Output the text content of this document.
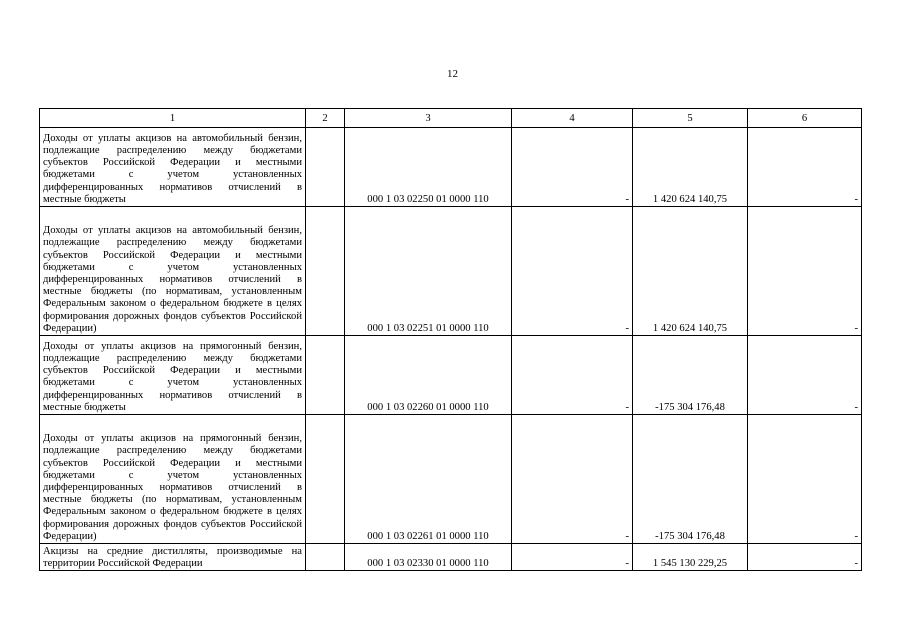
12
1	2	3	4	5	6
Доходы от уплаты акцизов на автомобильный бензин, подлежащие распределению между бюджетами субъектов Российской Федерации и местными бюджетами с учетом установленных дифференцированных нормативов отчислений в местные бюджеты		000 1 03 02250 01 0000 110	-	1 420 624 140,75	-
Доходы от уплаты акцизов на автомобильный бензин, подлежащие распределению между бюджетами субъектов Российской Федерации и местными бюджетами с учетом установленных дифференцированных нормативов отчислений в местные бюджеты (по нормативам, установленным Федеральным законом о федеральном бюджете в целях формирования дорожных фондов субъектов Российской Федерации)		000 1 03 02251 01 0000 110	-	1 420 624 140,75	-
Доходы от уплаты акцизов на прямогонный бензин, подлежащие распределению между бюджетами субъектов Российской Федерации и местными бюджетами с учетом установленных дифференцированных нормативов отчислений в местные бюджеты		000 1 03 02260 01 0000 110	-	-175 304 176,48	-
Доходы от уплаты акцизов на прямогонный бензин, подлежащие распределению между бюджетами субъектов Российской Федерации и местными бюджетами с учетом установленных дифференцированных нормативов отчислений в местные бюджеты (по нормативам, установленным Федеральным законом о федеральном бюджете в целях формирования дорожных фондов субъектов Российской Федерации)		000 1 03 02261 01 0000 110	-	-175 304 176,48	-
Акцизы на средние дистилляты, производимые на территории Российской Федерации		000 1 03 02330 01 0000 110	-	1 545 130 229,25	-
